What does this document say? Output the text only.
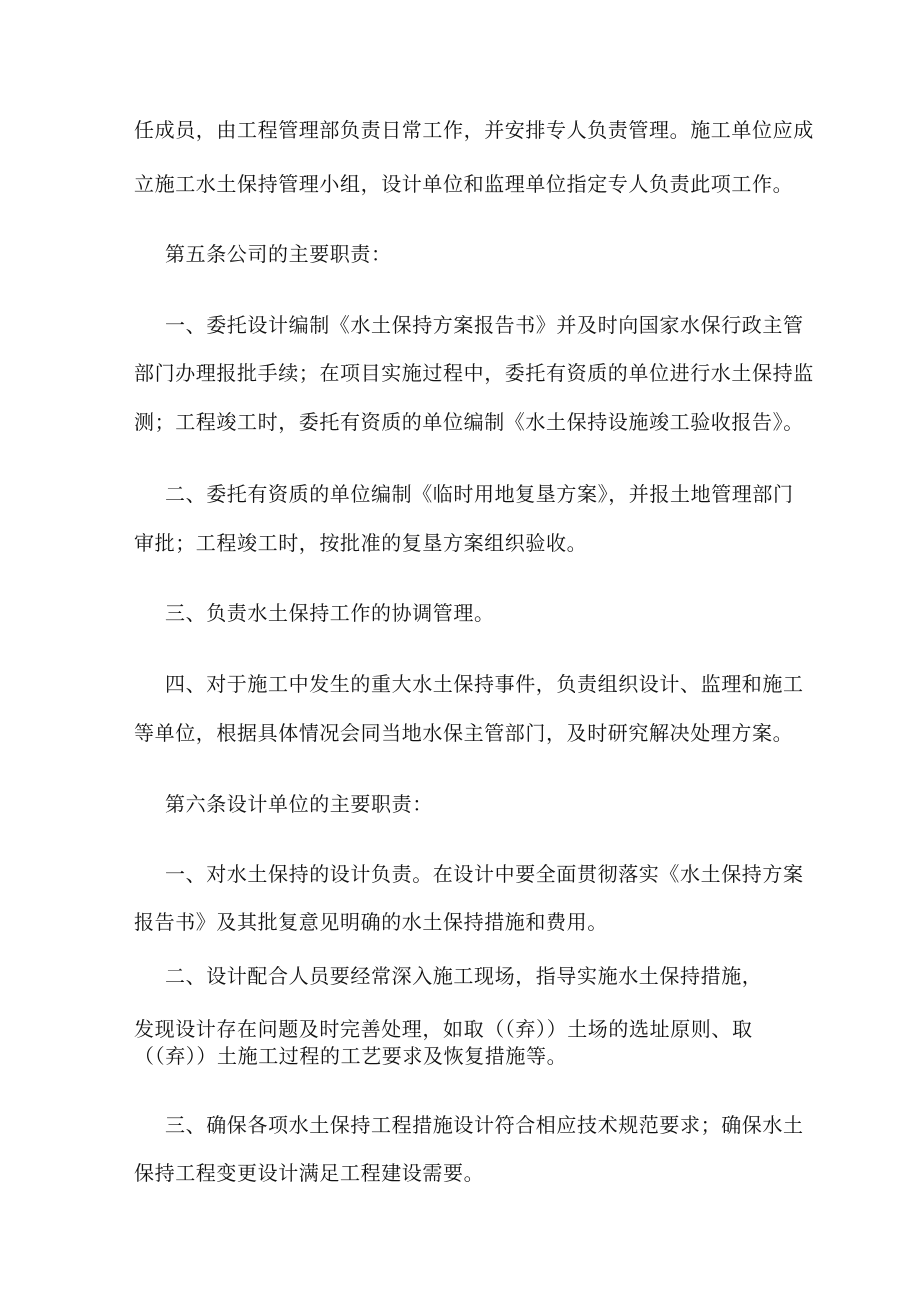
任成员，由工程管理部负责日常工作，并安排专人负责管理。施工单位应成
立施工水土保持管理小组，设计单位和监理单位指定专人负责此项工作。
第五条公司的主要职责：
一、委托设计编制《水土保持方案报告书》并及时向国家水保行政主管
部门办理报批手续；在项目实施过程中，委托有资质的单位进行水土保持监
测；工程竣工时，委托有资质的单位编制《水土保持设施竣工验收报告》。
二、委托有资质的单位编制《临时用地复垦方案》，并报土地管理部门
审批；工程竣工时，按批准的复垦方案组织验收。
三、负责水土保持工作的协调管理。
四、对于施工中发生的重大水土保持事件，负责组织设计、监理和施工
等单位，根据具体情况会同当地水保主管部门，及时研究解决处理方案。
第六条设计单位的主要职责：
一、对水土保持的设计负责。在设计中要全面贯彻落实《水土保持方案
报告书》及其批复意见明确的水土保持措施和费用。
二、设计配合人员要经常深入施工现场，指导实施水土保持措施，
发现设计存在问题及时完善处理，如取（（弃））土场的选址原则、取
（（弃））土施工过程的工艺要求及恢复措施等。
三、确保各项水土保持工程措施设计符合相应技术规范要求；确保水土
保持工程变更设计满足工程建设需要。
